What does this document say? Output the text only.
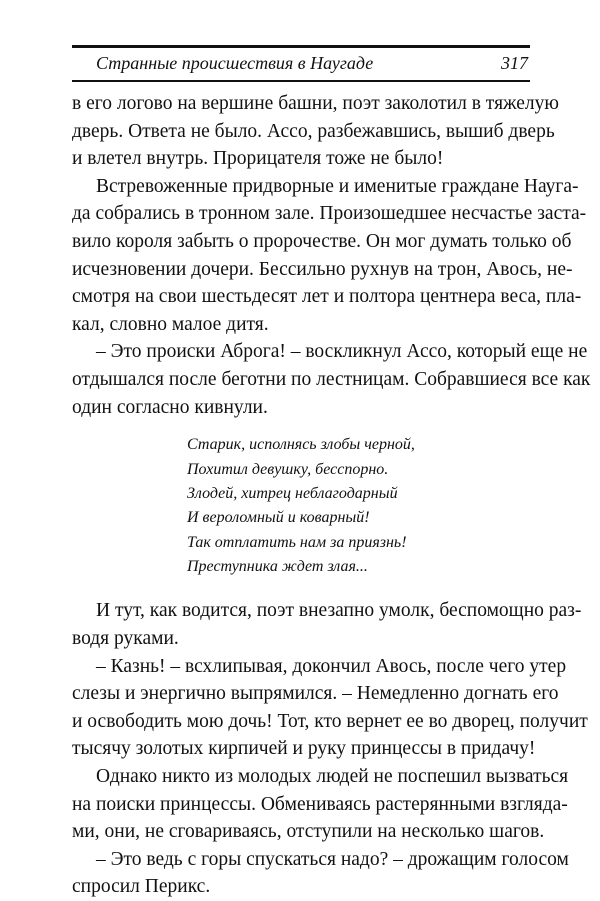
Странные происшествия в Наугаде	317
в его логово на вершине башни, поэт заколотил в тяжелую
дверь. Ответа не было. Ассо, разбежавшись, вышиб дверь
и влетел внутрь. Прорицателя тоже не было!
Встревоженные придворные и именитые граждане Науга-
да собрались в тронном зале. Произошедшее несчастье заста-
вило короля забыть о пророчестве. Он мог думать только об
исчезновении дочери. Бессильно рухнув на трон, Авось, не-
смотря на свои шестьдесят лет и полтора центнера веса, пла-
кал, словно малое дитя.
– Это происки Аброга! – воскликнул Ассо, который еще не
отдышался после беготни по лестницам. Собравшиеся все как
один согласно кивнули.
Старик, исполнясь злобы черной,
Похитил девушку, бесспорно.
Злодей, хитрец неблагодарный
И вероломный и коварный!
Так отплатить нам за приязнь!
Преступника ждет злая...
И тут, как водится, поэт внезапно умолк, беспомощно раз-
водя руками.
– Казнь! – всхлипывая, докончил Авось, после чего утер
слезы и энергично выпрямился. – Немедленно догнать его
и освободить мою дочь! Тот, кто вернет ее во дворец, получит
тысячу золотых кирпичей и руку принцессы в придачу!
Однако никто из молодых людей не поспешил вызваться
на поиски принцессы. Обмениваясь растерянными взгляда-
ми, они, не сговариваясь, отступили на несколько шагов.
– Это ведь с горы спускаться надо? – дрожащим голосом
спросил Перикс.
